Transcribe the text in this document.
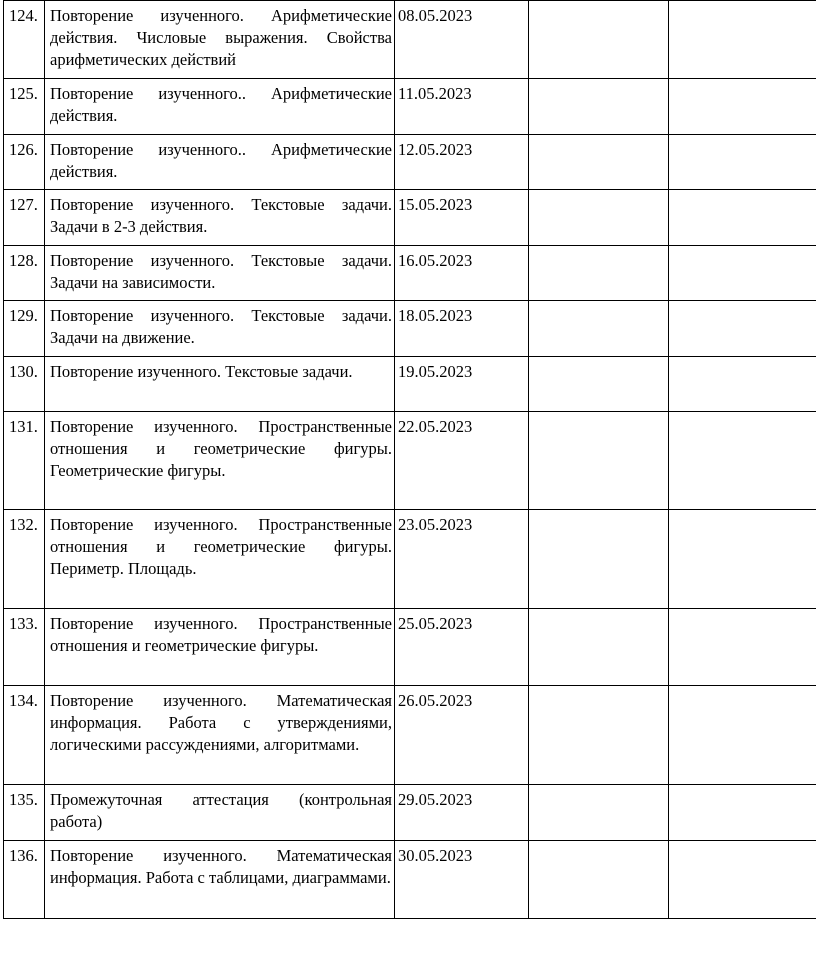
124.	Повторение изученного. Арифметические действия. Числовые выражения. Свойства арифметических действий	08.05.2023		
125.	Повторение изученного.. Арифметические действия.	11.05.2023		
126.	Повторение изученного.. Арифметические действия.	12.05.2023		
127.	Повторение изученного. Текстовые задачи. Задачи в 2-3 действия.	15.05.2023		
128.	Повторение изученного. Текстовые задачи. Задачи на зависимости.	16.05.2023		
129.	Повторение изученного. Текстовые задачи. Задачи на движение.	18.05.2023		
130.	Повторение изученного. Текстовые задачи.	19.05.2023		
131.	Повторение изученного. Пространственные отношения и геометрические фигуры. Геометрические фигуры.	22.05.2023		
132.	Повторение изученного. Пространственные отношения и геометрические фигуры. Периметр. Площадь.	23.05.2023		
133.	Повторение изученного. Пространственные отношения и геометрические фигуры.	25.05.2023		
134.	Повторение изученного. Математическая информация. Работа с утверждениями, логическими рассуждениями, алгоритмами.	26.05.2023		
135.	Промежуточная аттестация (контрольная работа)	29.05.2023		
136.	Повторение изученного. Математическая информация. Работа с таблицами, диаграммами.	30.05.2023		
